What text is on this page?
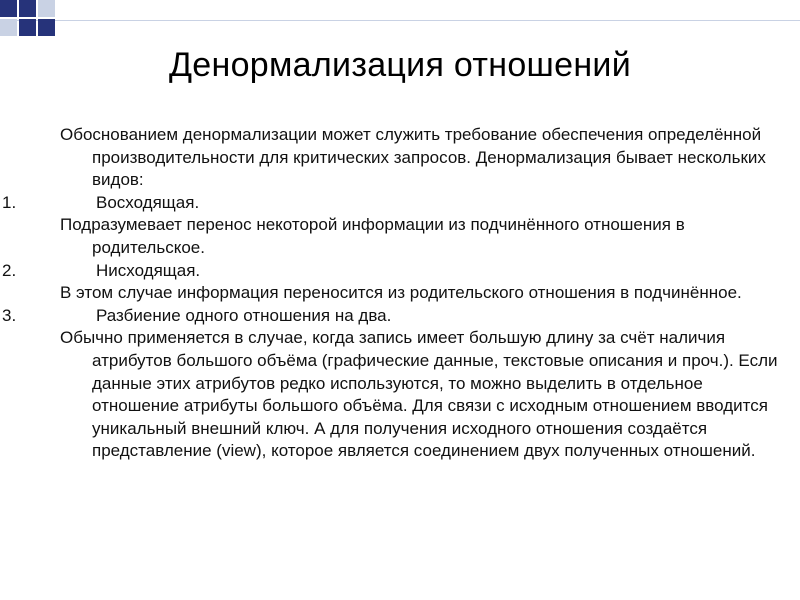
Денормализация отношений

Обоснованием денормализации может служить требование обеспечения определённой производительности для критических запросов. Денормализация бывает нескольких видов:

1.	Восходящая.

Подразумевает перенос некоторой информации из подчинённого отношения в родительское.

2.	Нисходящая.

В этом случае информация переносится из родительского отношения в подчинённое.

3.	Разбиение одного отношения на два.

Обычно применяется в случае, когда запись имеет большую длину за счёт наличия атрибутов большого объёма (графические данные, текстовые описания и проч.). Если данные этих атрибутов редко используются, то можно выделить в отдельное отношение атрибуты большого объёма. Для связи с исходным отношением вводится уникальный внешний ключ. А для получения исходного отношения создаётся представление (view), которое является соединением двух полученных отношений.
